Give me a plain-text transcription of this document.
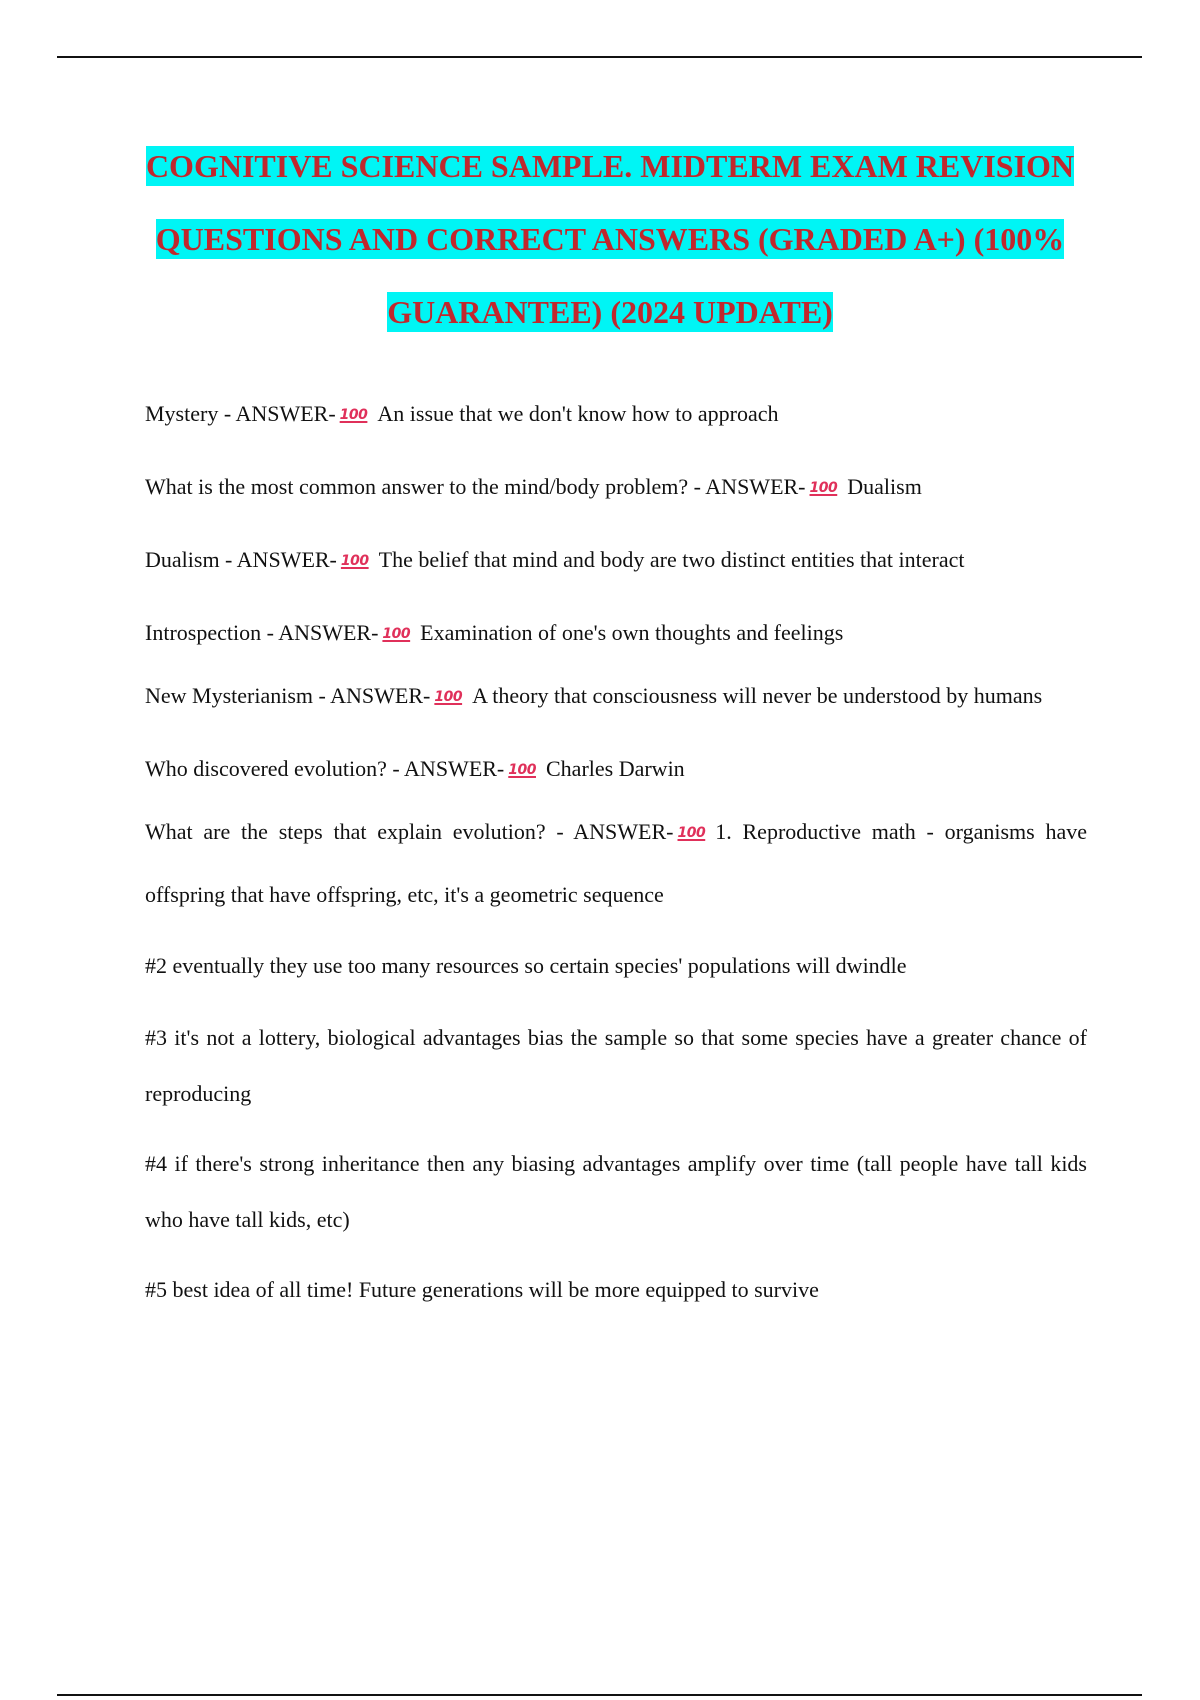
COGNITIVE SCIENCE SAMPLE. MIDTERM EXAM REVISION
QUESTIONS AND CORRECT ANSWERS (GRADED A+) (100%
GUARANTEE) (2024 UPDATE)

Mystery - ANSWER- 100 An issue that we don't know how to approach

What is the most common answer to the mind/body problem? - ANSWER- 100 Dualism

Dualism - ANSWER- 100 The belief that mind and body are two distinct entities that interact

Introspection - ANSWER- 100 Examination of one's own thoughts and feelings

New Mysterianism - ANSWER- 100 A theory that consciousness will never be understood by humans

Who discovered evolution? - ANSWER- 100 Charles Darwin

What are the steps that explain evolution? - ANSWER- 100 1. Reproductive math - organisms have offspring that have offspring, etc, it's a geometric sequence

#2 eventually they use too many resources so certain species' populations will dwindle

#3 it's not a lottery, biological advantages bias the sample so that some species have a greater chance of reproducing

#4 if there's strong inheritance then any biasing advantages amplify over time (tall people have tall kids who have tall kids, etc)

#5 best idea of all time! Future generations will be more equipped to survive
